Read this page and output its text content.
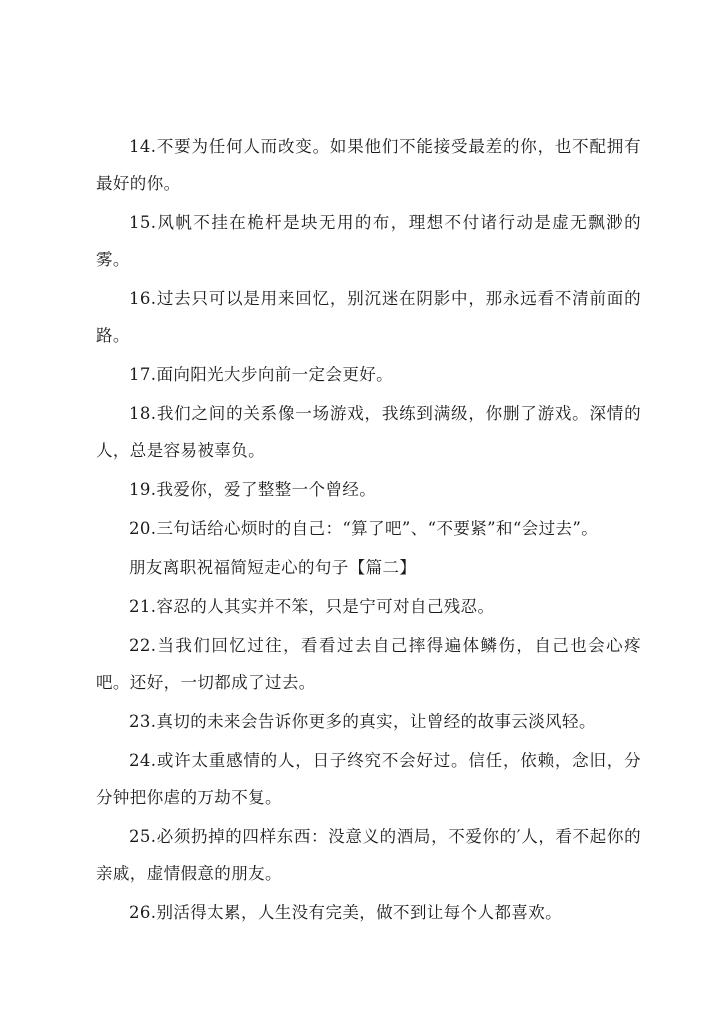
14.不要为任何人而改变。如果他们不能接受最差的你，也不配拥有最好的你。

15.风帆不挂在桅杆是块无用的布，理想不付诸行动是虚无飘渺的雾。

16.过去只可以是用来回忆，别沉迷在阴影中，那永远看不清前面的路。

17.面向阳光大步向前一定会更好。

18.我们之间的关系像一场游戏，我练到满级，你删了游戏。深情的人，总是容易被辜负。

19.我爱你，爱了整整一个曾经。

20.三句话给心烦时的自己：“算了吧”、“不要紧”和“会过去”。

朋友离职祝福简短走心的句子【篇二】

21.容忍的人其实并不笨，只是宁可对自己残忍。

22.当我们回忆过往，看看过去自己摔得遍体鳞伤，自己也会心疼吧。还好，一切都成了过去。

23.真切的未来会告诉你更多的真实，让曾经的故事云淡风轻。

24.或许太重感情的人，日子终究不会好过。信任，依赖，念旧，分分钟把你虐的万劫不复。

25.必须扔掉的四样东西：没意义的酒局，不爱你的′人，看不起你的亲戚，虚情假意的朋友。

26.别活得太累，人生没有完美，做不到让每个人都喜欢。
